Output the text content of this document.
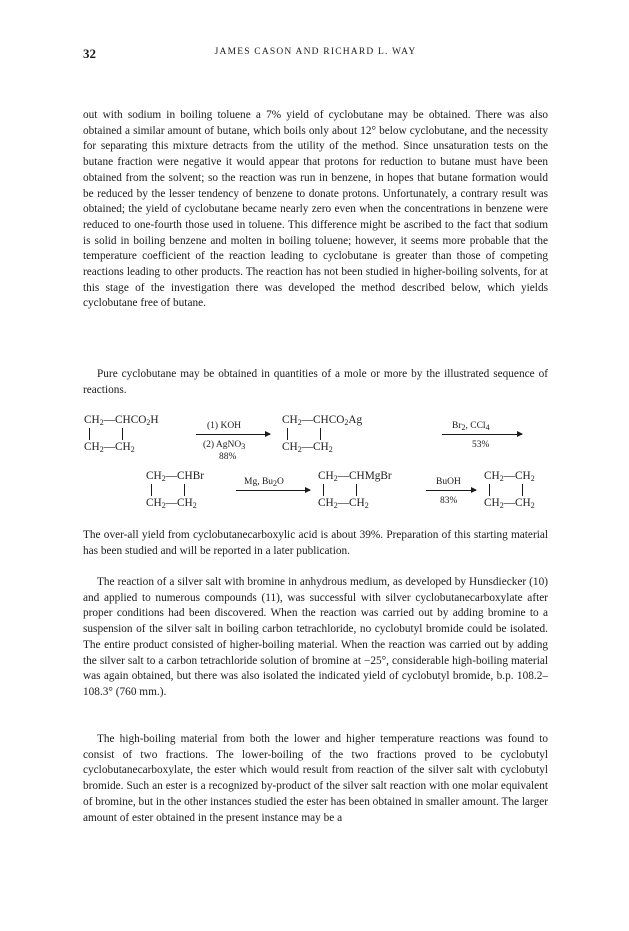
32	JAMES CASON AND RICHARD L. WAY

out with sodium in boiling toluene a 7% yield of cyclobutane may be obtained. There was also obtained a similar amount of butane, which boils only about 12° below cyclobutane, and the necessity for separating this mixture detracts from the utility of the method. Since unsaturation tests on the butane fraction were negative it would appear that protons for reduction to butane must have been obtained from the solvent; so the reaction was run in benzene, in hopes that butane formation would be reduced by the lesser tendency of benzene to donate protons. Unfortunately, a contrary result was obtained; the yield of cyclobutane became nearly zero even when the concentrations in benzene were reduced to one-fourth those used in toluene. This difference might be ascribed to the fact that sodium is solid in boiling benzene and molten in boiling toluene; however, it seems more probable that the temperature coefficient of the reaction leading to cyclobutane is greater than those of competing reactions leading to other products. The reaction has not been studied in higher-boiling solvents, for at this stage of the investigation there was developed the method described below, which yields cyclobutane free of butane.

Pure cyclobutane may be obtained in quantities of a mole or more by the illustrated sequence of reactions.

$CH_2—CHCO_2H$
$CH_2—CH_2$
(1) KOH
(2) AgNO$_3$
88%
$CH_2—CHCO_2Ag$
$CH_2—CH_2$
$Br_2$, CCl$_4$
53%
$CH_2—CHBr$
$CH_2—CH_2$
Mg, $Bu_2O$	$CH_2—CHMgBr$
$CH_2—CH_2$
BuOH
83%
$CH_2—CH_2$
$CH_2—CH_2$

The over-all yield from cyclobutanecarboxylic acid is about 39%. Preparation of this starting material has been studied and will be reported in a later publication.

The reaction of a silver salt with bromine in anhydrous medium, as developed by Hunsdiecker (10) and applied to numerous compounds (11), was successful with silver cyclobutanecarboxylate after proper conditions had been discovered. When the reaction was carried out by adding bromine to a suspension of the silver salt in boiling carbon tetrachloride, no cyclobutyl bromide could be isolated. The entire product consisted of higher-boiling material. When the reaction was carried out by adding the silver salt to a carbon tetrachloride solution of bromine at −25°, considerable high-boiling material was again obtained, but there was also isolated the indicated yield of cyclobutyl bromide, b.p. 108.2–108.3° (760 mm.).

The high-boiling material from both the lower and higher temperature reactions was found to consist of two fractions. The lower-boiling of the two fractions proved to be cyclobutyl cyclobutanecarboxylate, the ester which would result from reaction of the silver salt with cyclobutyl bromide. Such an ester is a recognized by-product of the silver salt reaction with one molar equivalent of bromine, but in the other instances studied the ester has been obtained in smaller amount. The larger amount of ester obtained in the present instance may be a
